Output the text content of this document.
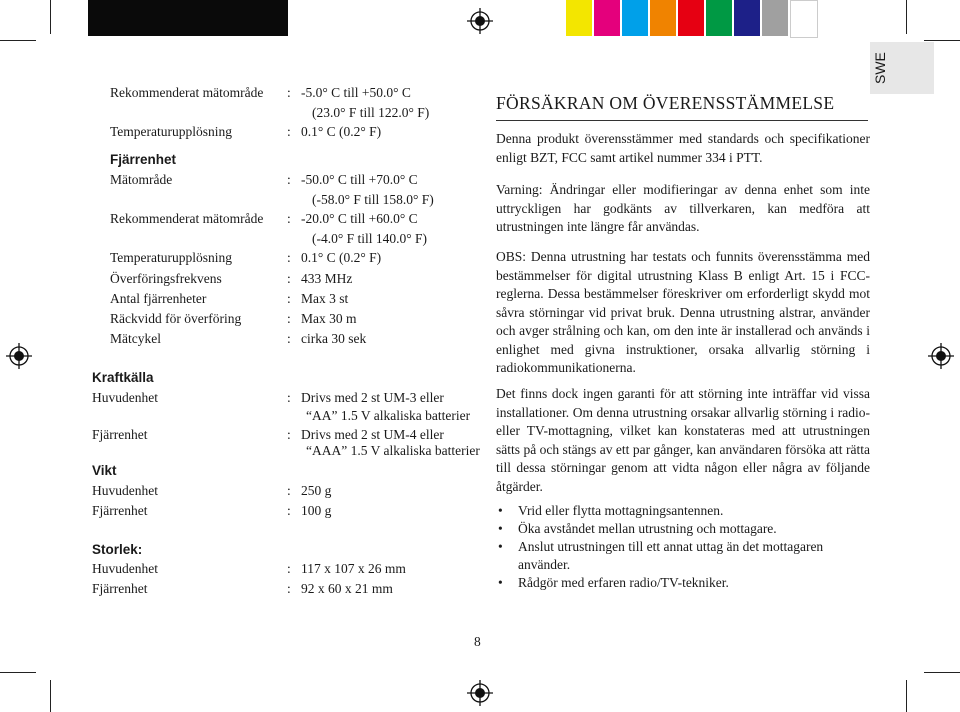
SWE
Rekommenderat mätområde : -5.0° C till +50.0° C
(23.0° F till 122.0° F)
Temperaturupplösning	: 0.1° C (0.2° F)
Fjärrenhet
Mätområde	: -50.0° C till +70.0° C
(-58.0° F till 158.0° F)
Rekommenderat mätområde : -20.0° C till +60.0° C
(-4.0° F till 140.0° F)
Temperaturupplösning	: 0.1° C (0.2° F)
Överföringsfrekvens	: 433 MHz
Antal fjärrenheter	: Max 3 st
Räckvidd för överföring	: Max 30 m
Mätcykel	: cirka 30 sek
Kraftkälla
Huvudenhet	: Drivs med 2 st UM-3 eller
“AA” 1.5 V alkaliska batterier
Fjärrenhet	: Drivs med 2 st UM-4 eller
“AAA” 1.5 V alkaliska batterier
Vikt
Huvudenhet	: 250 g
Fjärrenhet	: 100 g
Storlek:
Huvudenhet	: 117 x 107 x 26 mm
Fjärrenhet	: 92 x 60 x 21 mm
FÖRSÄKRAN OM ÖVERENSSTÄMMELSE
Denna produkt överensstämmer med standards och specifikationer enligt BZT, FCC samt artikel nummer 334 i PTT.
Varning: Ändringar eller modifieringar av denna enhet som inte uttryckligen har godkänts av tillverkaren, kan medföra att utrustningen inte längre får användas.
OBS: Denna utrustning har testats och funnits överensstämma med bestämmelser för digital utrustning Klass B enligt Art. 15 i FCC-reglerna. Dessa bestämmelser föreskriver om erforderligt skydd mot såvra störningar vid privat bruk. Denna utrustning alstrar, använder och avger strålning och kan, om den inte är installerad och används i enlighet med givna instruktioner, orsaka allvarlig störning i radiokommunikationerna.
Det finns dock ingen garanti för att störning inte inträffar vid vissa installationer. Om denna utrustning orsakar allvarlig störning i radio- eller TV-mottagning, vilket kan konstateras med att utrustningen sätts på och stängs av ett par gånger, kan användaren försöka att rätta till dessa störningar genom att vidta någon eller några av följande åtgärder.
• Vrid eller flytta mottagningsantennen.
• Öka avståndet mellan utrustning och mottagare.
• Anslut utrustningen till ett annat uttag än det mottagaren använder.
• Rådgör med erfaren radio/TV-tekniker.
8
